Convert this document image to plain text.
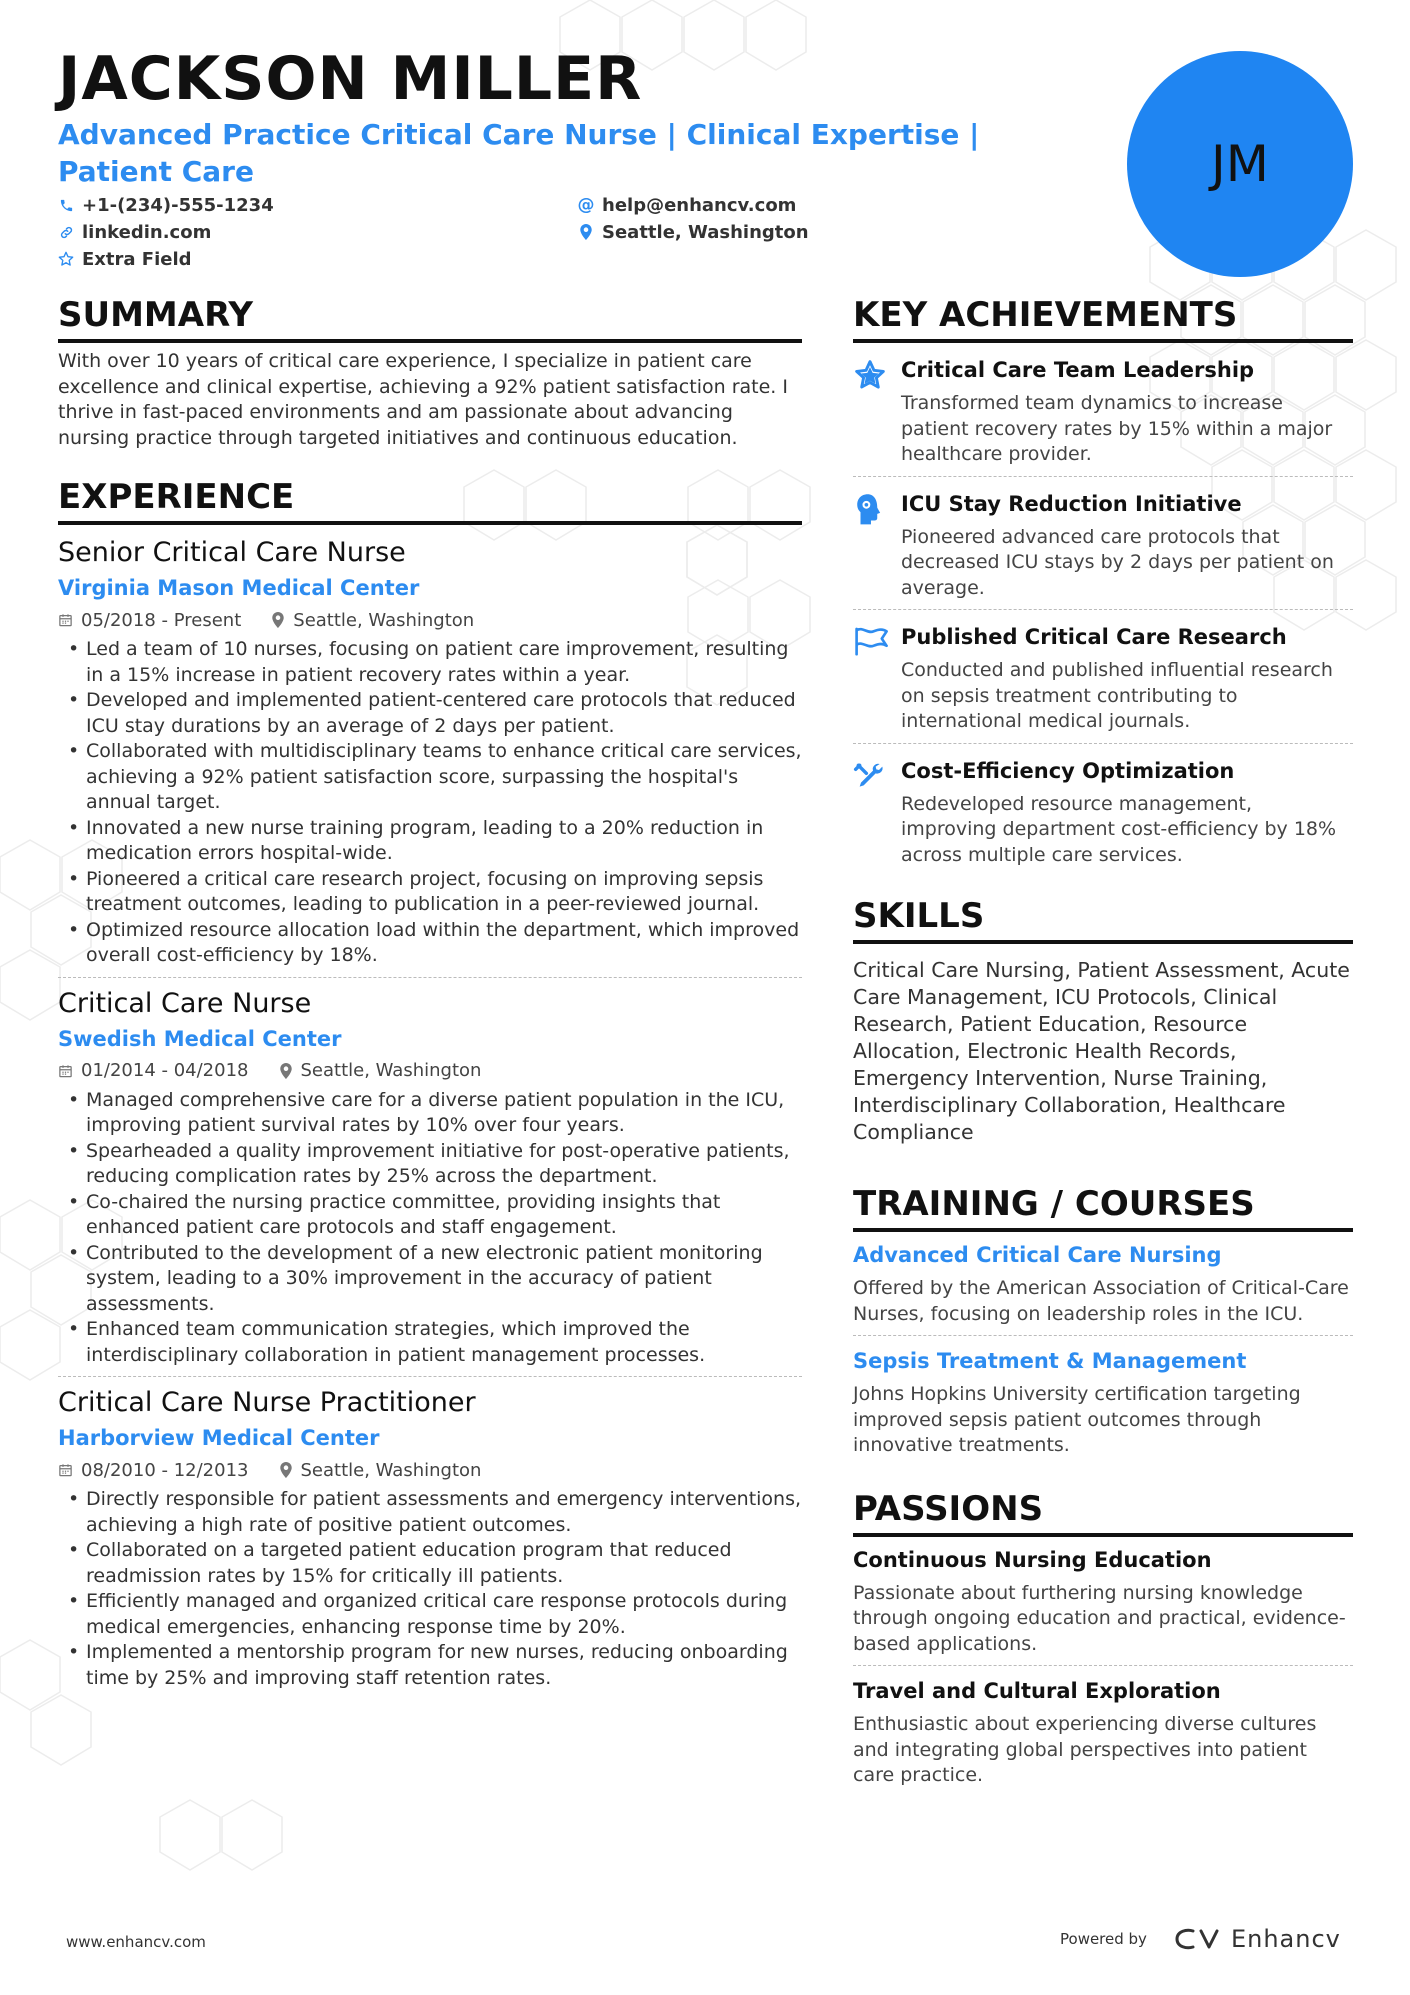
JACKSON MILLER
Advanced Practice Critical Care Nurse | Clinical Expertise | Patient Care
+1-(234)-555-1234	@ help@enhancv.com
linkedin.com	Seattle, Washington
Extra Field
JM
SUMMARY
With over 10 years of critical care experience, I specialize in patient care excellence and clinical expertise, achieving a 92% patient satisfaction rate. I thrive in fast-paced environments and am passionate about advancing nursing practice through targeted initiatives and continuous education.
EXPERIENCE
Senior Critical Care Nurse
Virginia Mason Medical Center
05/2018 - Present	Seattle, Washington
• Led a team of 10 nurses, focusing on patient care improvement, resulting in a 15% increase in patient recovery rates within a year.
• Developed and implemented patient-centered care protocols that reduced ICU stay durations by an average of 2 days per patient.
• Collaborated with multidisciplinary teams to enhance critical care services, achieving a 92% patient satisfaction score, surpassing the hospital's annual target.
• Innovated a new nurse training program, leading to a 20% reduction in medication errors hospital-wide.
• Pioneered a critical care research project, focusing on improving sepsis treatment outcomes, leading to publication in a peer-reviewed journal.
• Optimized resource allocation load within the department, which improved overall cost-efficiency by 18%.
Critical Care Nurse
Swedish Medical Center
01/2014 - 04/2018	Seattle, Washington
• Managed comprehensive care for a diverse patient population in the ICU, improving patient survival rates by 10% over four years.
• Spearheaded a quality improvement initiative for post-operative patients, reducing complication rates by 25% across the department.
• Co-chaired the nursing practice committee, providing insights that enhanced patient care protocols and staff engagement.
• Contributed to the development of a new electronic patient monitoring system, leading to a 30% improvement in the accuracy of patient assessments.
• Enhanced team communication strategies, which improved the interdisciplinary collaboration in patient management processes.
Critical Care Nurse Practitioner
Harborview Medical Center
08/2010 - 12/2013	Seattle, Washington
• Directly responsible for patient assessments and emergency interventions, achieving a high rate of positive patient outcomes.
• Collaborated on a targeted patient education program that reduced readmission rates by 15% for critically ill patients.
• Efficiently managed and organized critical care response protocols during medical emergencies, enhancing response time by 20%.
• Implemented a mentorship program for new nurses, reducing onboarding time by 25% and improving staff retention rates.
KEY ACHIEVEMENTS
Critical Care Team Leadership
Transformed team dynamics to increase patient recovery rates by 15% within a major healthcare provider.
ICU Stay Reduction Initiative
Pioneered advanced care protocols that decreased ICU stays by 2 days per patient on average.
Published Critical Care Research
Conducted and published influential research on sepsis treatment contributing to international medical journals.
Cost-Efficiency Optimization
Redeveloped resource management, improving department cost-efficiency by 18% across multiple care services.
SKILLS
Critical Care Nursing, Patient Assessment, Acute Care Management, ICU Protocols, Clinical Research, Patient Education, Resource Allocation, Electronic Health Records, Emergency Intervention, Nurse Training, Interdisciplinary Collaboration, Healthcare Compliance
TRAINING / COURSES
Advanced Critical Care Nursing
Offered by the American Association of Critical-Care Nurses, focusing on leadership roles in the ICU.
Sepsis Treatment & Management
Johns Hopkins University certification targeting improved sepsis patient outcomes through innovative treatments.
PASSIONS
Continuous Nursing Education
Passionate about furthering nursing knowledge through ongoing education and practical, evidence-based applications.
Travel and Cultural Exploration
Enthusiastic about experiencing diverse cultures and integrating global perspectives into patient care practice.
www.enhancv.com	Powered by	Enhancv
